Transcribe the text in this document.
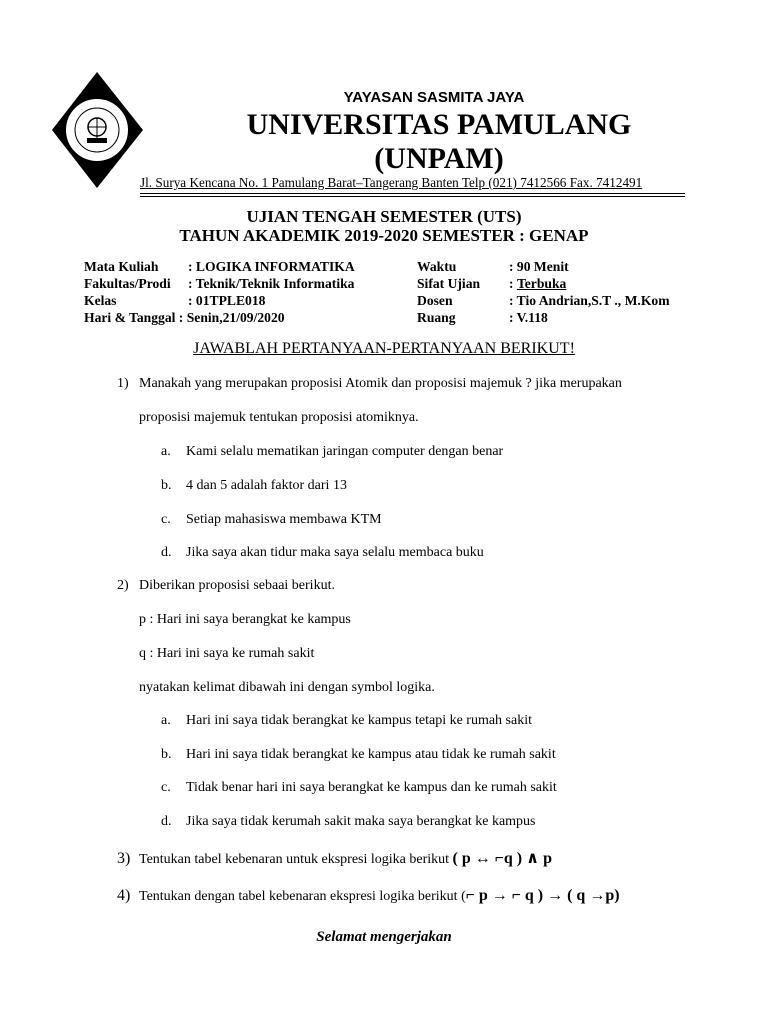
YAYASAN SASMITA JAYA
UNIVERSITAS PAMULANG
(UNPAM)
Jl. Surya Kencana No. 1 Pamulang Barat–Tangerang Banten Telp (021) 7412566 Fax. 7412491
UJIAN TENGAH SEMESTER (UTS)
TAHUN AKADEMIK 2019-2020 SEMESTER : GENAP
Mata Kuliah	: LOGIKA INFORMATIKA
Fakultas/Prodi	: Teknik/Teknik Informatika
Kelas	: 01TPLE018
Hari & Tanggal : Senin,21/09/2020
Waktu	: 90 Menit
Sifat Ujian	: Terbuka
Dosen	: Tio Andrian,S.T ., M.Kom
Ruang	: V.118
JAWABLAH PERTANYAAN-PERTANYAAN BERIKUT!
1) Manakah yang merupakan proposisi Atomik dan proposisi majemuk ? jika merupakan
proposisi majemuk tentukan proposisi atomiknya.
a. Kami selalu mematikan jaringan computer dengan benar
b. 4 dan 5 adalah faktor dari 13
c. Setiap mahasiswa membawa KTM
d. Jika saya akan tidur maka saya selalu membaca buku
2) Diberikan proposisi sebaai berikut.
p : Hari ini saya berangkat ke kampus
q : Hari ini saya ke rumah sakit
nyatakan kelimat dibawah ini dengan symbol logika.
a. Hari ini saya tidak berangkat ke kampus tetapi ke rumah sakit
b. Hari ini saya tidak berangkat ke kampus atau tidak ke rumah sakit
c. Tidak benar hari ini saya berangkat ke kampus dan ke rumah sakit
d. Jika saya tidak kerumah sakit maka saya berangkat ke kampus
3) Tentukan tabel kebenaran untuk ekspresi logika berikut ( p ↔ ⌐q ) ∧ p
4) Tentukan dengan tabel kebenaran ekspresi logika berikut (⌐ p → ⌐ q ) → ( q →p)
Selamat mengerjakan
